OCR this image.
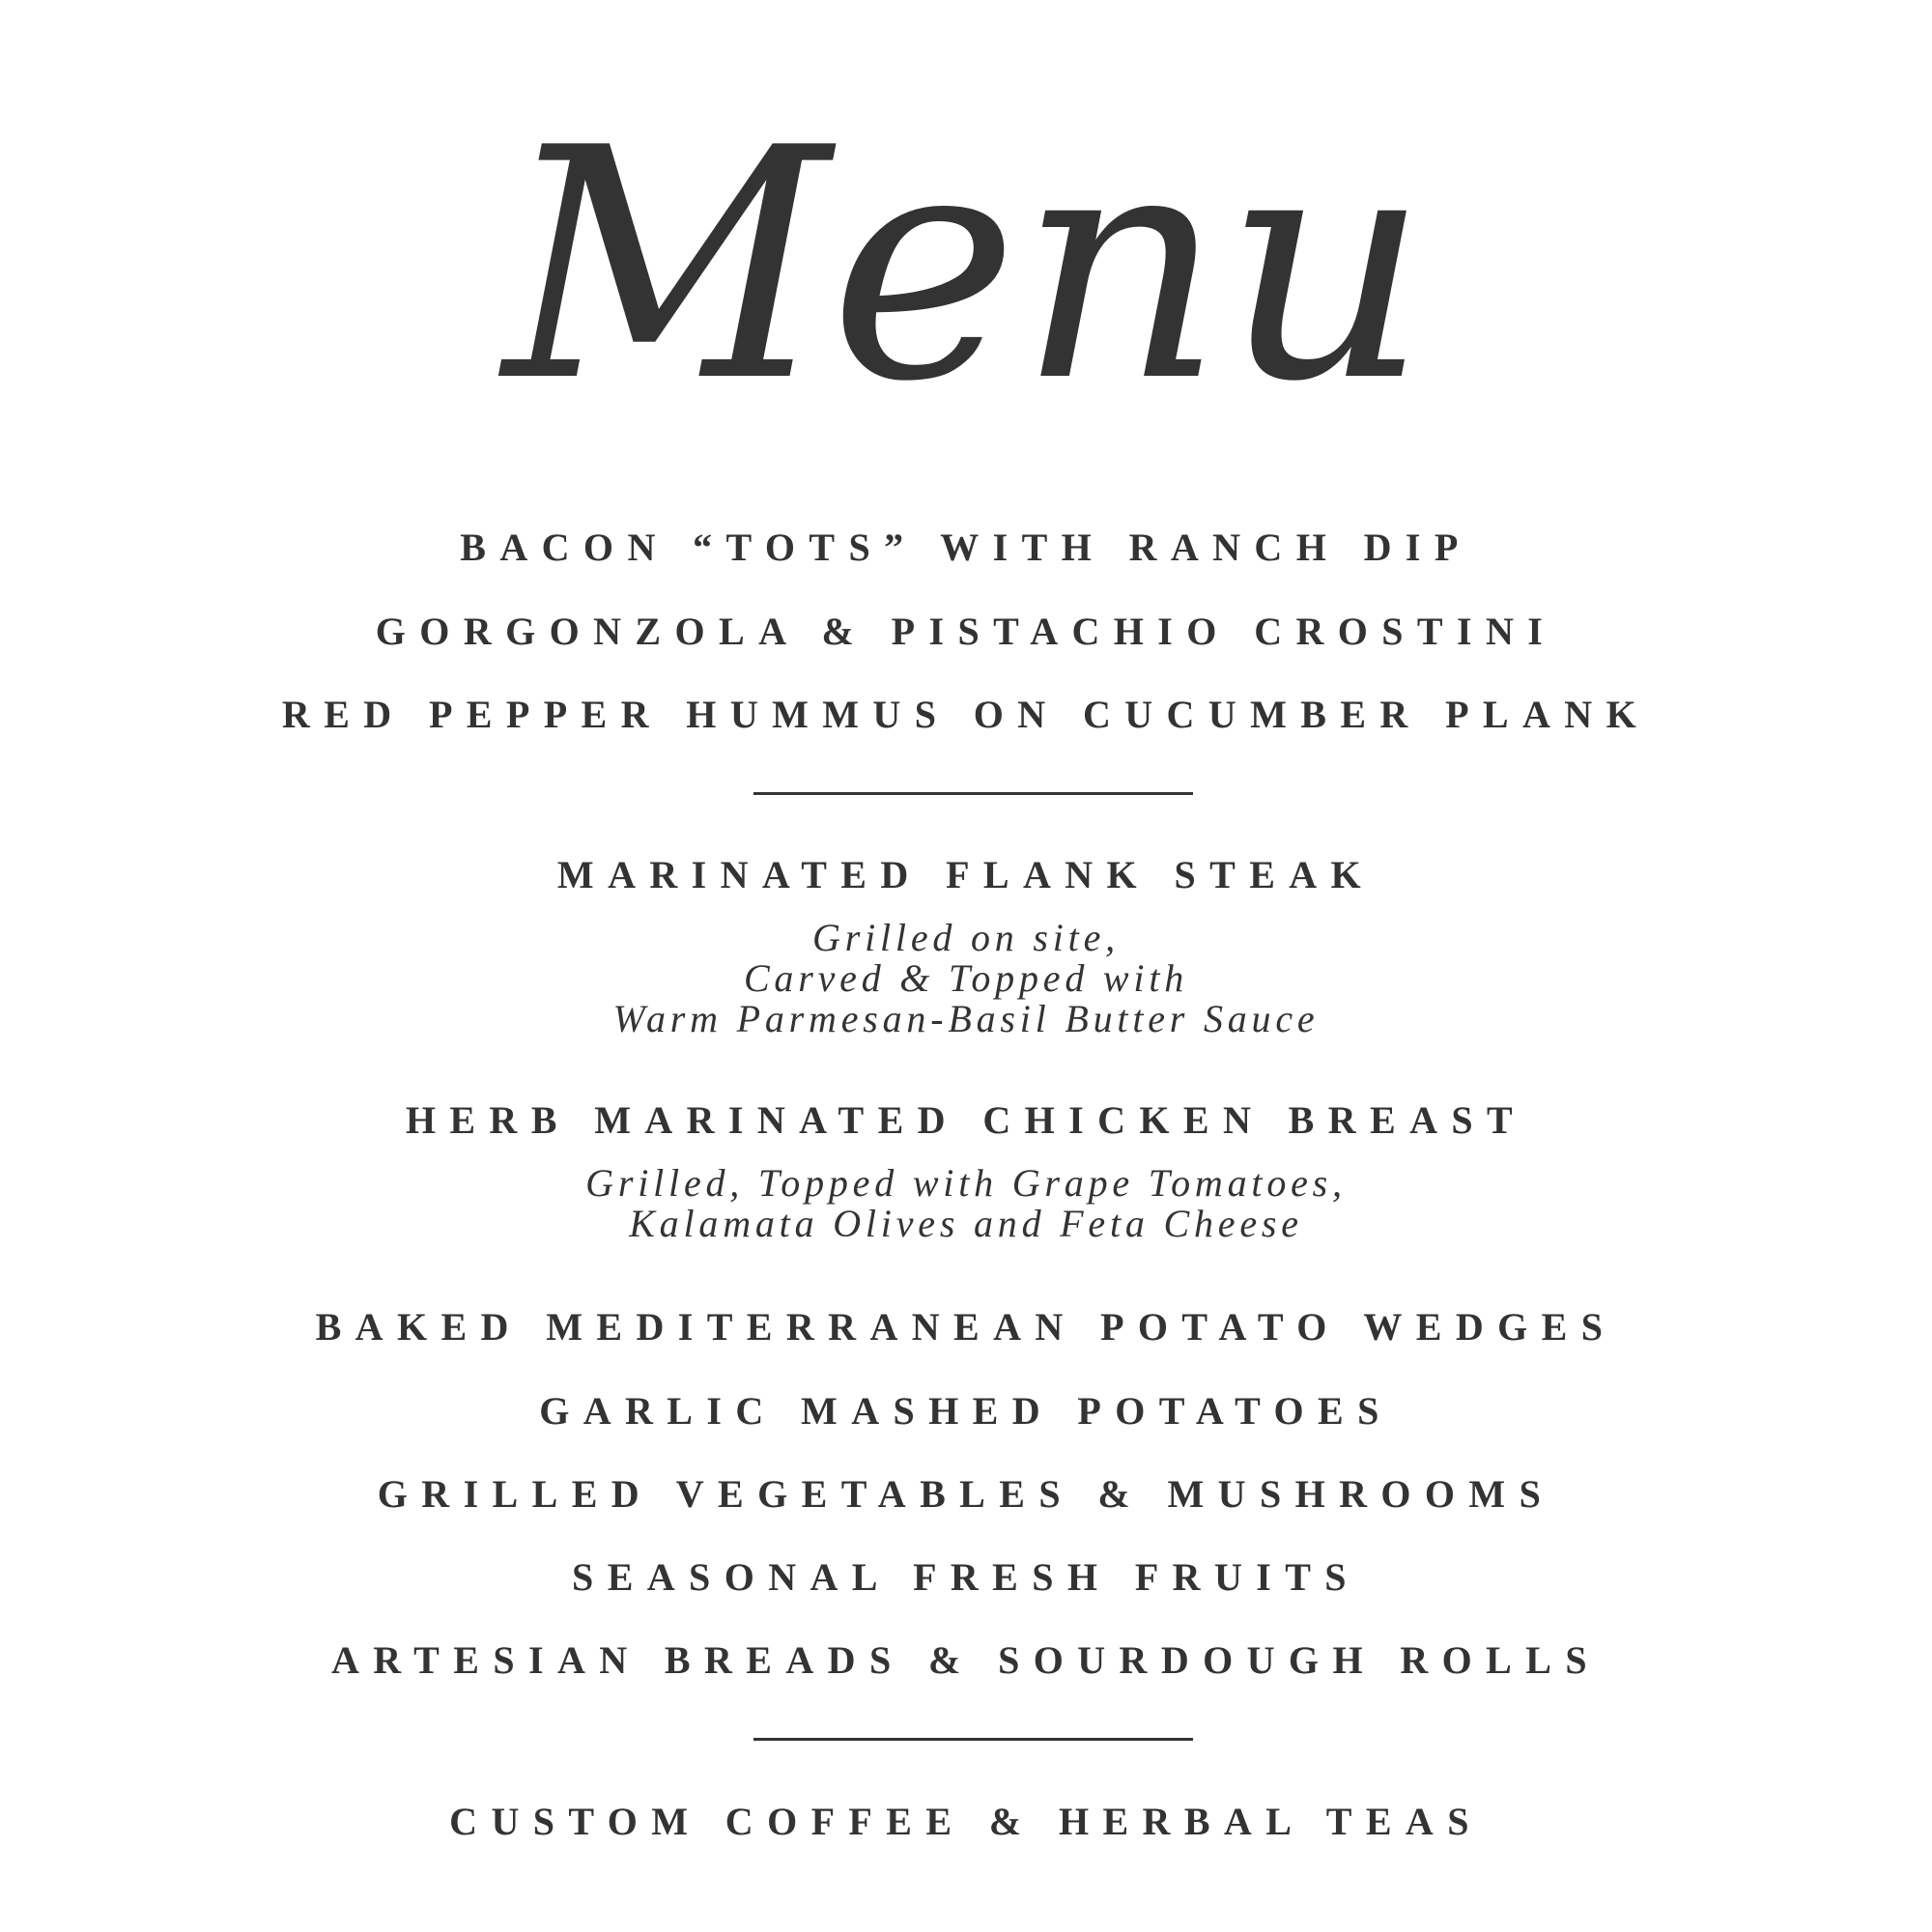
Menu
BACON “TOTS” WITH RANCH DIP
GORGONZOLA & PISTACHIO CROSTINI
RED PEPPER HUMMUS ON CUCUMBER PLANK
MARINATED FLANK STEAK
Grilled on site,
Carved & Topped with
Warm Parmesan-Basil Butter Sauce
HERB MARINATED CHICKEN BREAST
Grilled, Topped with Grape Tomatoes,
Kalamata Olives and Feta Cheese
BAKED MEDITERRANEAN POTATO WEDGES
GARLIC MASHED POTATOES
GRILLED VEGETABLES & MUSHROOMS
SEASONAL FRESH FRUITS
ARTESIAN BREADS & SOURDOUGH ROLLS
CUSTOM COFFEE & HERBAL TEAS
